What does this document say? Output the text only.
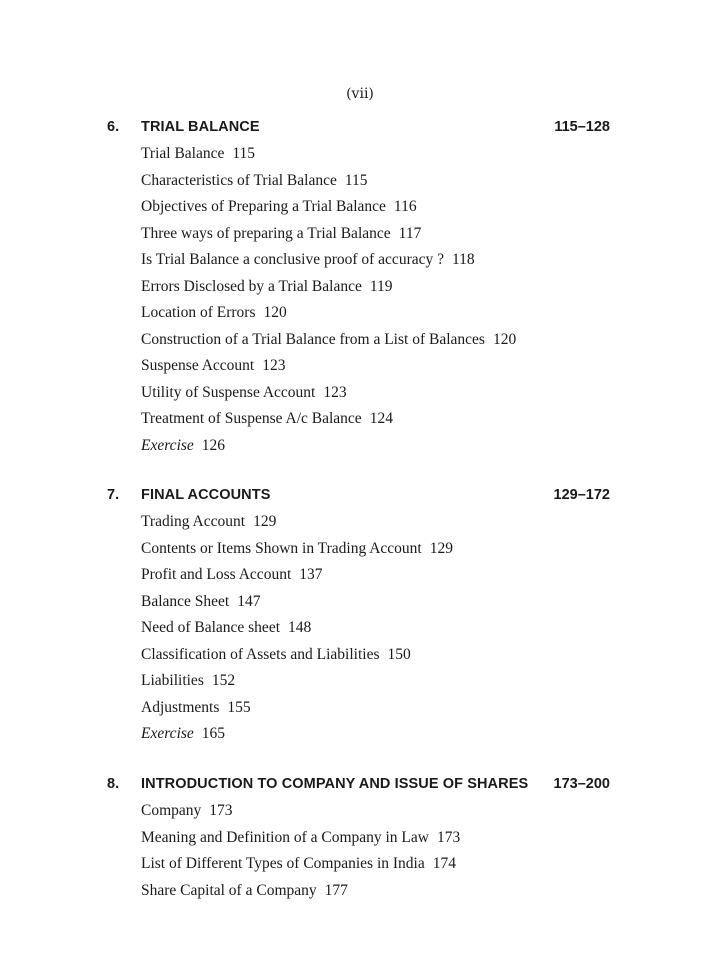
(vii)
6. TRIAL BALANCE	115–128
Trial Balance 115
Characteristics of Trial Balance 115
Objectives of Preparing a Trial Balance 116
Three ways of preparing a Trial Balance 117
Is Trial Balance a conclusive proof of accuracy ? 118
Errors Disclosed by a Trial Balance 119
Location of Errors 120
Construction of a Trial Balance from a List of Balances 120
Suspense Account 123
Utility of Suspense Account 123
Treatment of Suspense A/c Balance 124
Exercise 126
7. FINAL ACCOUNTS	129–172
Trading Account 129
Contents or Items Shown in Trading Account 129
Profit and Loss Account 137
Balance Sheet 147
Need of Balance sheet 148
Classification of Assets and Liabilities 150
Liabilities 152
Adjustments 155
Exercise 165
8. INTRODUCTION TO COMPANY AND ISSUE OF SHARES 173–200
Company 173
Meaning and Definition of a Company in Law 173
List of Different Types of Companies in India 174
Share Capital of a Company 177
